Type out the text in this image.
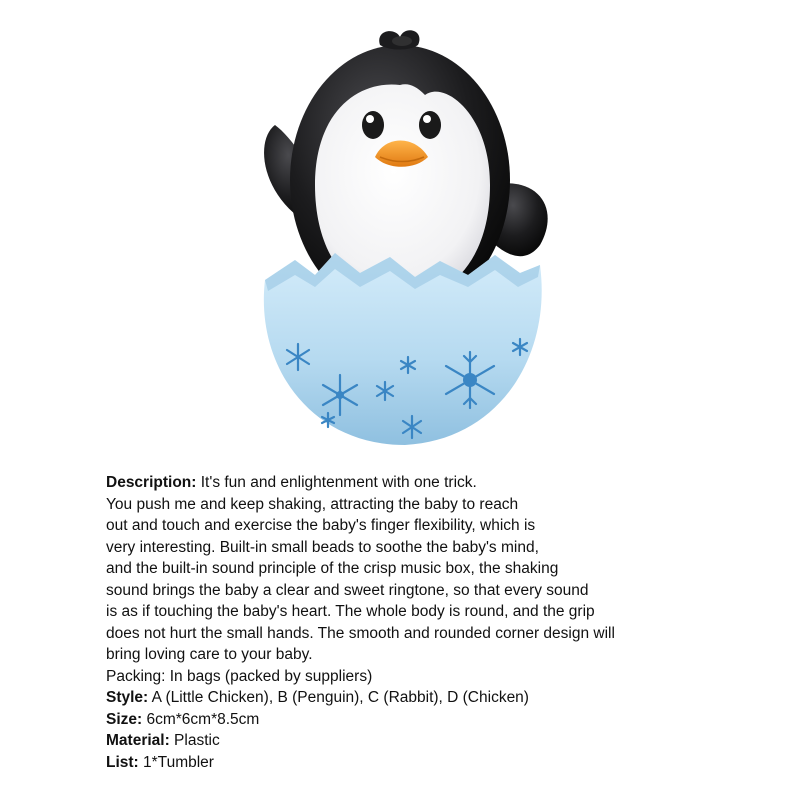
Description: It's fun and enlightenment with one trick.
You push me and keep shaking, attracting the baby to reach
out and touch and exercise the baby's finger flexibility, which is
very interesting. Built-in small beads to soothe the baby's mind,
and the built-in sound principle of the crisp music box, the shaking
sound brings the baby a clear and sweet ringtone, so that every sound
is as if touching the baby's heart. The whole body is round, and the grip
does not hurt the small hands. The smooth and rounded corner design will
bring loving care to your baby.
Packing: In bags (packed by suppliers)
Style: A (Little Chicken), B (Penguin), C (Rabbit), D (Chicken)
Size: 6cm*6cm*8.5cm
Material: Plastic
List: 1*Tumbler
